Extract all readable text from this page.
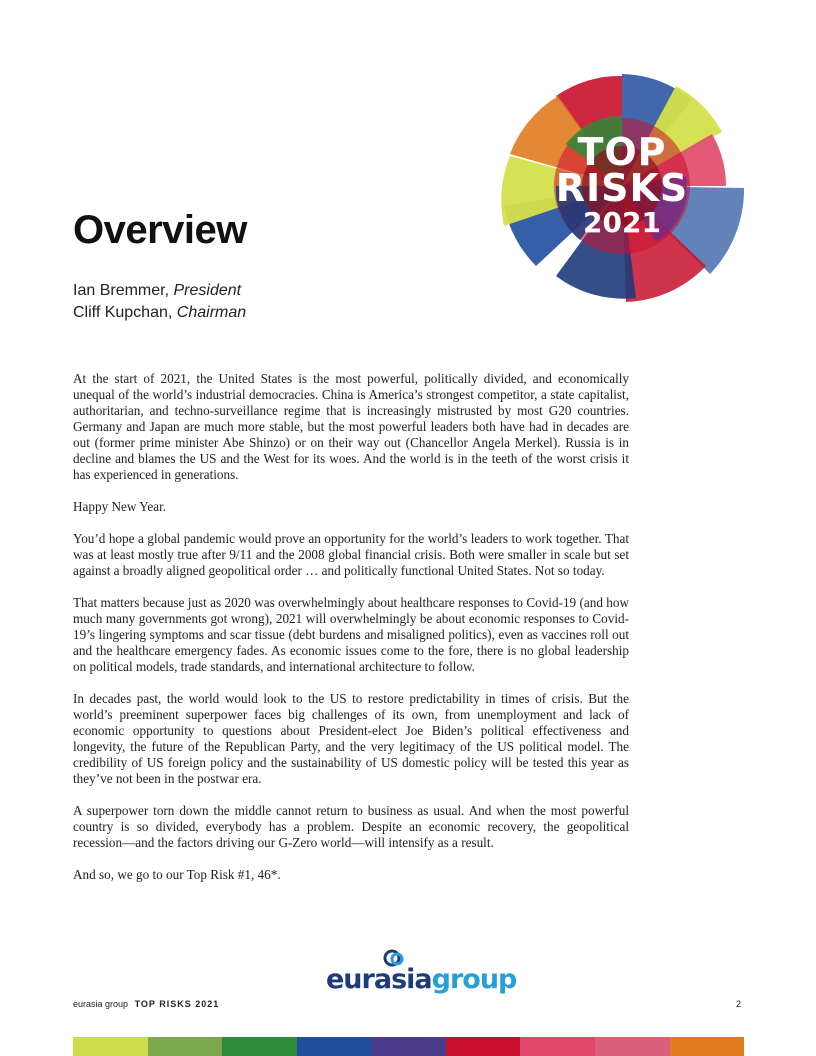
TOP
RISKS
2021
Overview
Ian Bremmer, President
Cliff Kupchan, Chairman

At the start of 2021, the United States is the most powerful, politically divided, and economically unequal of the world’s industrial democracies. China is America’s strongest competitor, a state capitalist, authoritarian, and techno-surveillance regime that is increasingly mistrusted by most G20 countries. Germany and Japan are much more stable, but the most powerful leaders both have had in decades are out (former prime minister Abe Shinzo) or on their way out (Chancellor Angela Merkel). Russia is in decline and blames the US and the West for its woes. And the world is in the teeth of the worst crisis it has experienced in generations.

Happy New Year.

You’d hope a global pandemic would prove an opportunity for the world’s leaders to work together. That was at least mostly true after 9/11 and the 2008 global financial crisis. Both were smaller in scale but set against a broadly aligned geopolitical order … and politically functional United States. Not so today.

That matters because just as 2020 was overwhelmingly about healthcare responses to Covid-19 (and how much many governments got wrong), 2021 will overwhelmingly be about economic responses to Covid-19’s lingering symptoms and scar tissue (debt burdens and misaligned politics), even as vaccines roll out and the healthcare emergency fades. As economic issues come to the fore, there is no global leadership on political models, trade standards, and international architecture to follow.

In decades past, the world would look to the US to restore predictability in times of crisis. But the world’s preeminent superpower faces big challenges of its own, from unemployment and lack of economic opportunity to questions about President-elect Joe Biden’s political effectiveness and longevity, the future of the Republican Party, and the very legitimacy of the US political model. The credibility of US foreign policy and the sustainability of US domestic policy will be tested this year as they’ve not been in the postwar era.

A superpower torn down the middle cannot return to business as usual. And when the most powerful country is so divided, everybody has a problem. Despite an economic recovery, the geopolitical recession—and the factors driving our G-Zero world—will intensify as a result.

And so, we go to our Top Risk #1, 46*.

eurasiagroup
eurasia group TOP RISKS 2021	2
